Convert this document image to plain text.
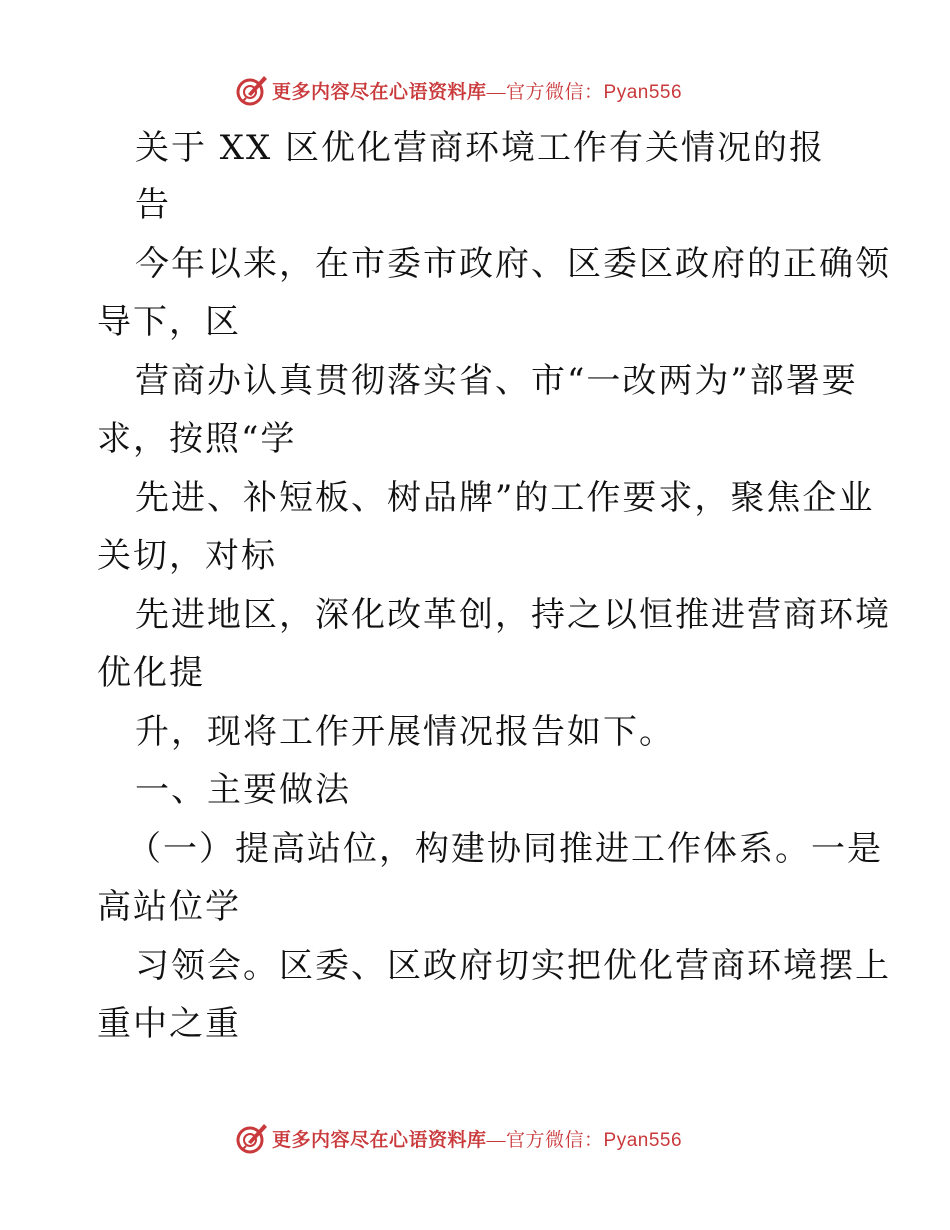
更多内容尽在心语资料库—官方微信：Pyan556
关于 XX 区优化营商环境工作有关情况的报
告
今年以来，在市委市政府、区委区政府的正确领
导下，区
营商办认真贯彻落实省、市“一改两为”部署要
求，按照“学
先进、补短板、树品牌”的工作要求，聚焦企业
关切，对标
先进地区，深化改革创，持之以恒推进营商环境
优化提
升，现将工作开展情况报告如下。
一、主要做法
（一）提高站位，构建协同推进工作体系。一是
高站位学
习领会。区委、区政府切实把优化营商环境摆上
重中之重
更多内容尽在心语资料库—官方微信：Pyan556
